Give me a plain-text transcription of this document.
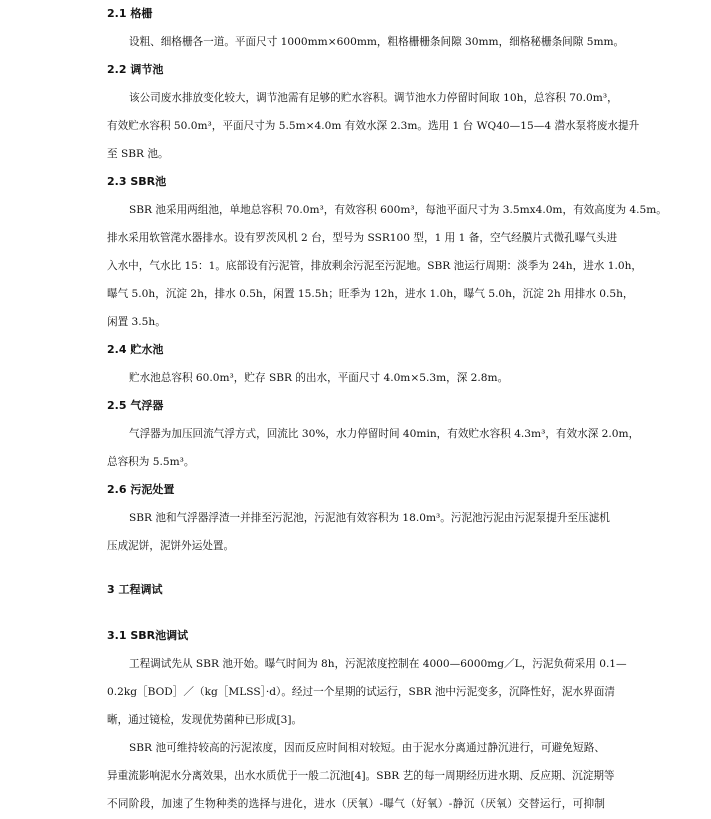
2.1 格栅
设粗、细格栅各一道。平面尺寸 1000mm×600mm，粗格栅栅条间隙 30mm，细格秘栅条间隙 5mm。
2.2 调节池
该公司废水排放变化较大，调节池需有足够的贮水容积。调节池水力停留时间取 10h，总容积 70.0m³，
有效贮水容积 50.0m³，平面尺寸为 5.5m×4.0m 有效水深 2.3m。选用 1 台 WQ40—15—4 潜水泵将废水提升
至 SBR 池。
2.3 SBR池
SBR 池采用两组池，单地总容积 70.0m³，有效容积 600m³，每池平面尺寸为 3.5mx4.0m，有效高度为 4.5m。
排水采用软管滗水器排水。设有罗茨风机 2 台，型号为 SSR100 型，1 用 1 备，空气经膜片式微孔曝气头进
入水中，气水比 15：1。底部设有污泥管，排放剩余污泥至污泥地。SBR 池运行周期：淡季为 24h，进水 1.0h，
曝气 5.0h，沉淀 2h，排水 0.5h，闲置 15.5h；旺季为 12h，进水 1.0h，曝气 5.0h，沉淀 2h 用排水 0.5h，
闲置 3.5h。
2.4 贮水池
贮水池总容积 60.0m³，贮存 SBR 的出水，平面尺寸 4.0m×5.3m，深 2.8m。
2.5 气浮器
气浮器为加压回流气浮方式，回流比 30%，水力停留时间 40min，有效贮水容积 4.3m³，有效水深 2.0m，
总容积为 5.5m³。
2.6 污泥处置
SBR 池和气浮器浮渣一并排至污泥池，污泥池有效容积为 18.0m³。污泥池污泥由污泥泵提升至压滤机
压成泥饼，泥饼外运处置。
3 工程调试
3.1 SBR池调试
工程调试先从 SBR 池开始。曝气时间为 8h，污泥浓度控制在 4000—6000mg／L，污泥负荷采用 0.1—
0.2kg［BOD］／（kg［MLSS］·d）。经过一个星期的试运行，SBR 池中污泥变多，沉降性好，泥水界面清
晰，通过镜检，发现优势菌种已形成[3]。
SBR 池可维持较高的污泥浓度，因而反应时间相对较短。由于泥水分离通过静沉进行，可避免短路、
异重流影响泥水分离效果，出水水质优于一般二沉池[4]。SBR 艺的每一周期经历进水期、反应期、沉淀期等
不同阶段，加速了生物种类的选择与进化，进水（厌氧）-曝气（好氧）-静沉（厌氧）交替运行，可抑制
